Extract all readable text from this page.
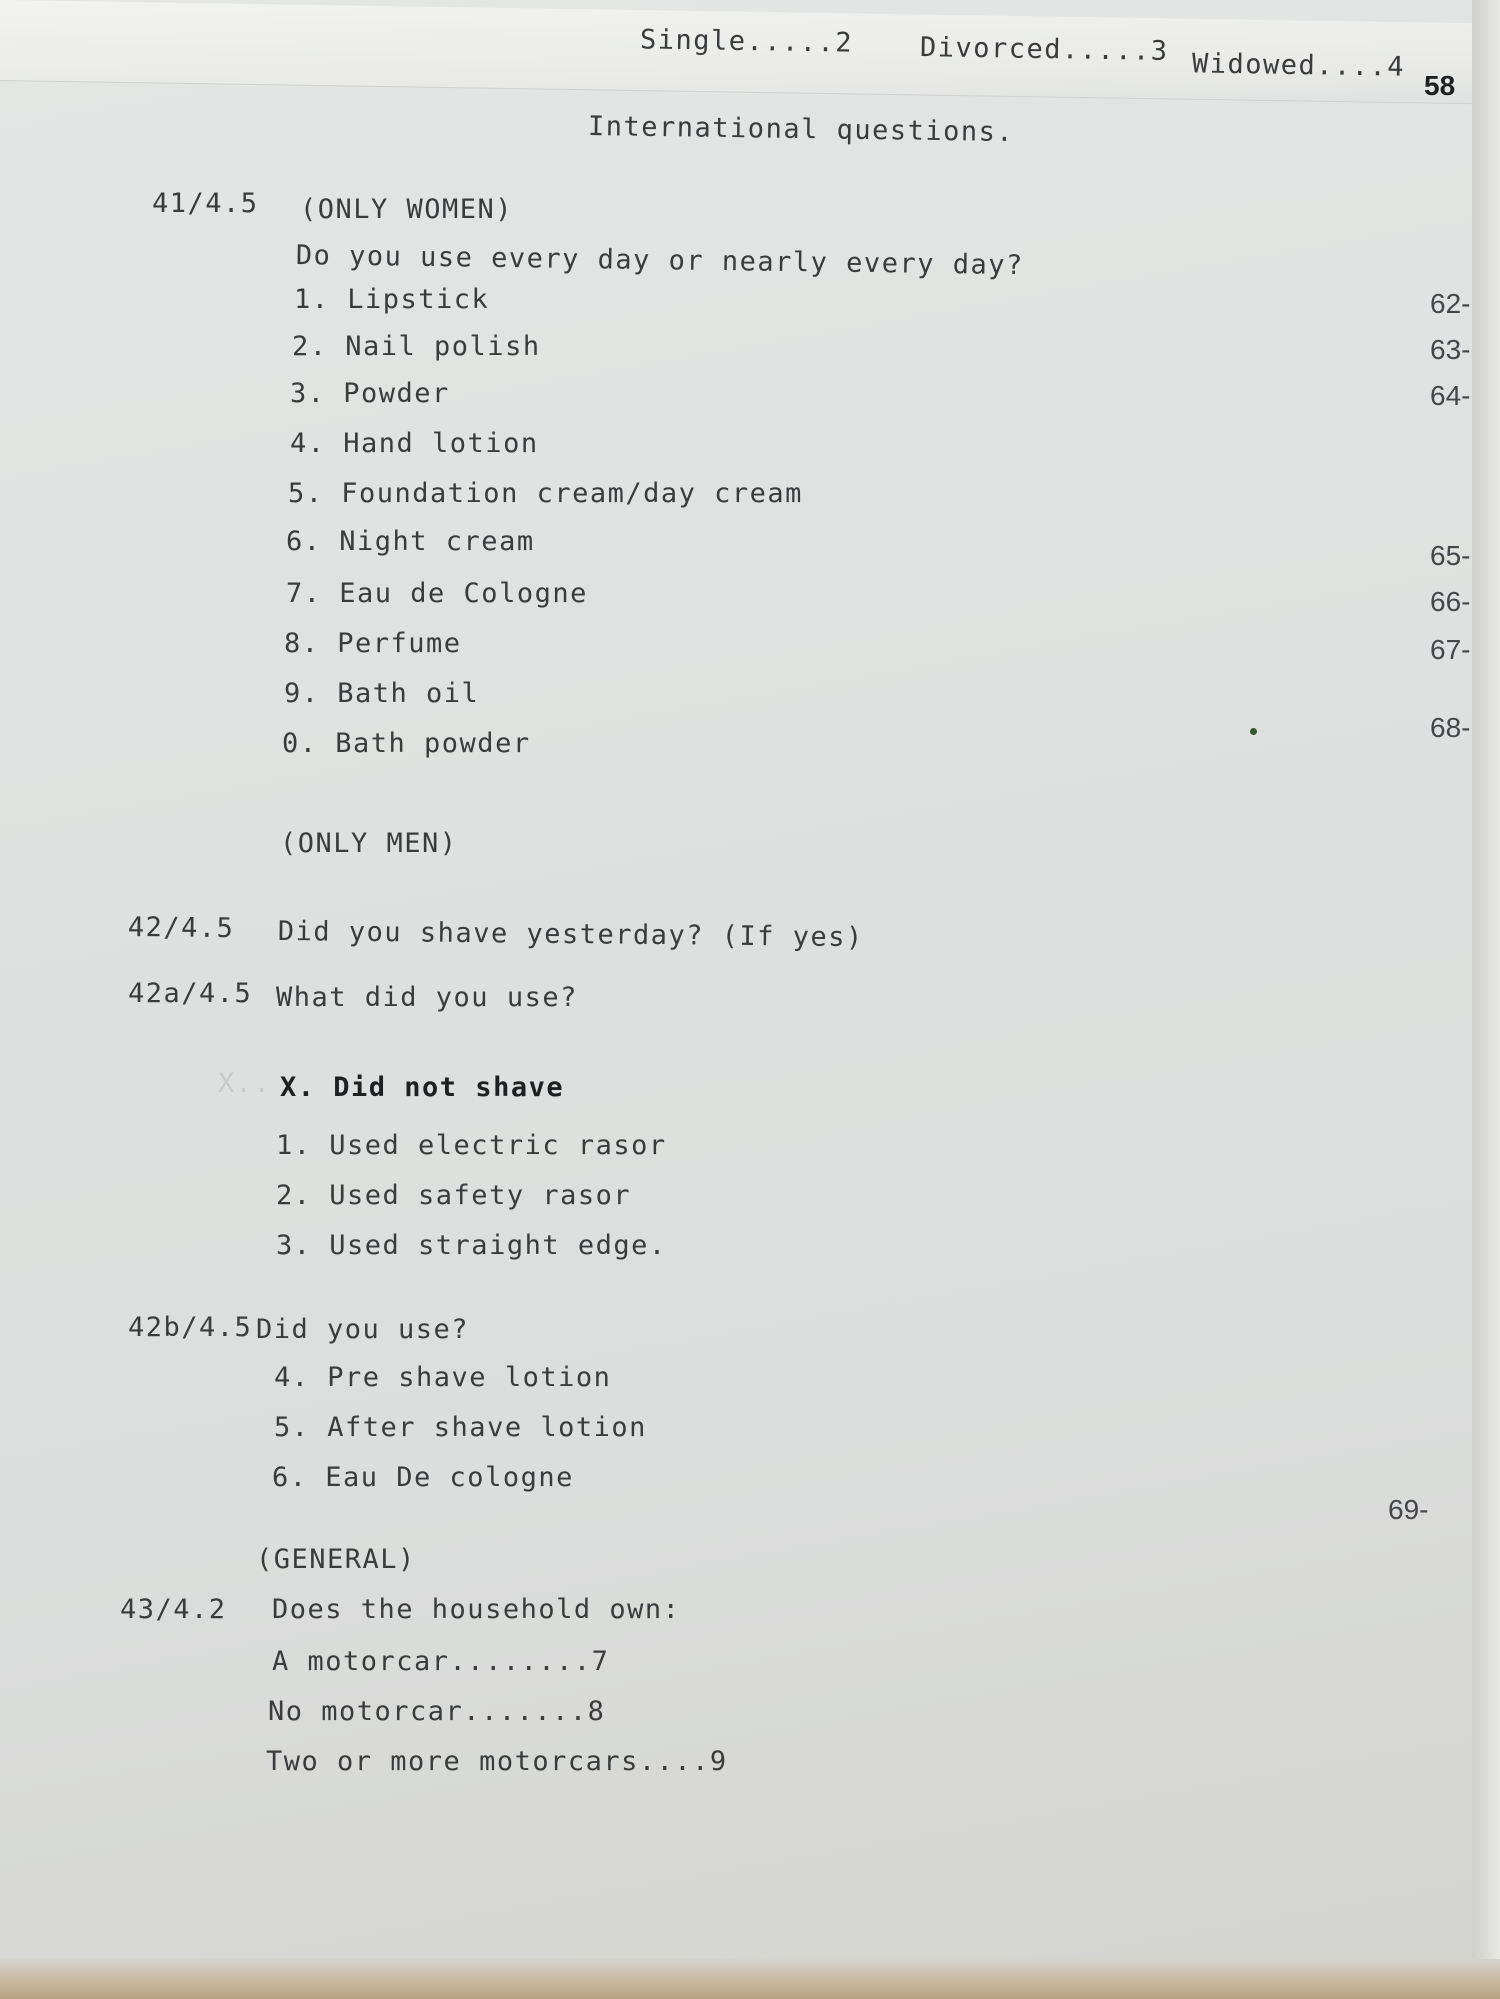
Single.....2 Divorced.....3 Widowed....4
58
International questions.
41/4.5 (ONLY WOMEN)
Do you use every day or nearly every day?
1. Lipstick
2. Nail polish
3. Powder
4. Hand lotion
5. Foundation cream/day cream
6. Night cream
7. Eau de Cologne
8. Perfume
9. Bath oil
0. Bath powder
62-
63-
64-
65-
66-
67-
68-
(ONLY MEN)
42/4.5 Did you shave yesterday? (If yes)
42a/4.5 What did you use?
X.. X. Did not shave
1. Used electric rasor
2. Used safety rasor
3. Used straight edge.
42b/4.5 Did you use?
4. Pre shave lotion
5. After shave lotion
6. Eau De cologne
69-
(GENERAL)
43/4.2 Does the household own:
A motorcar........7
No motorcar.......8
Two or more motorcars....9
